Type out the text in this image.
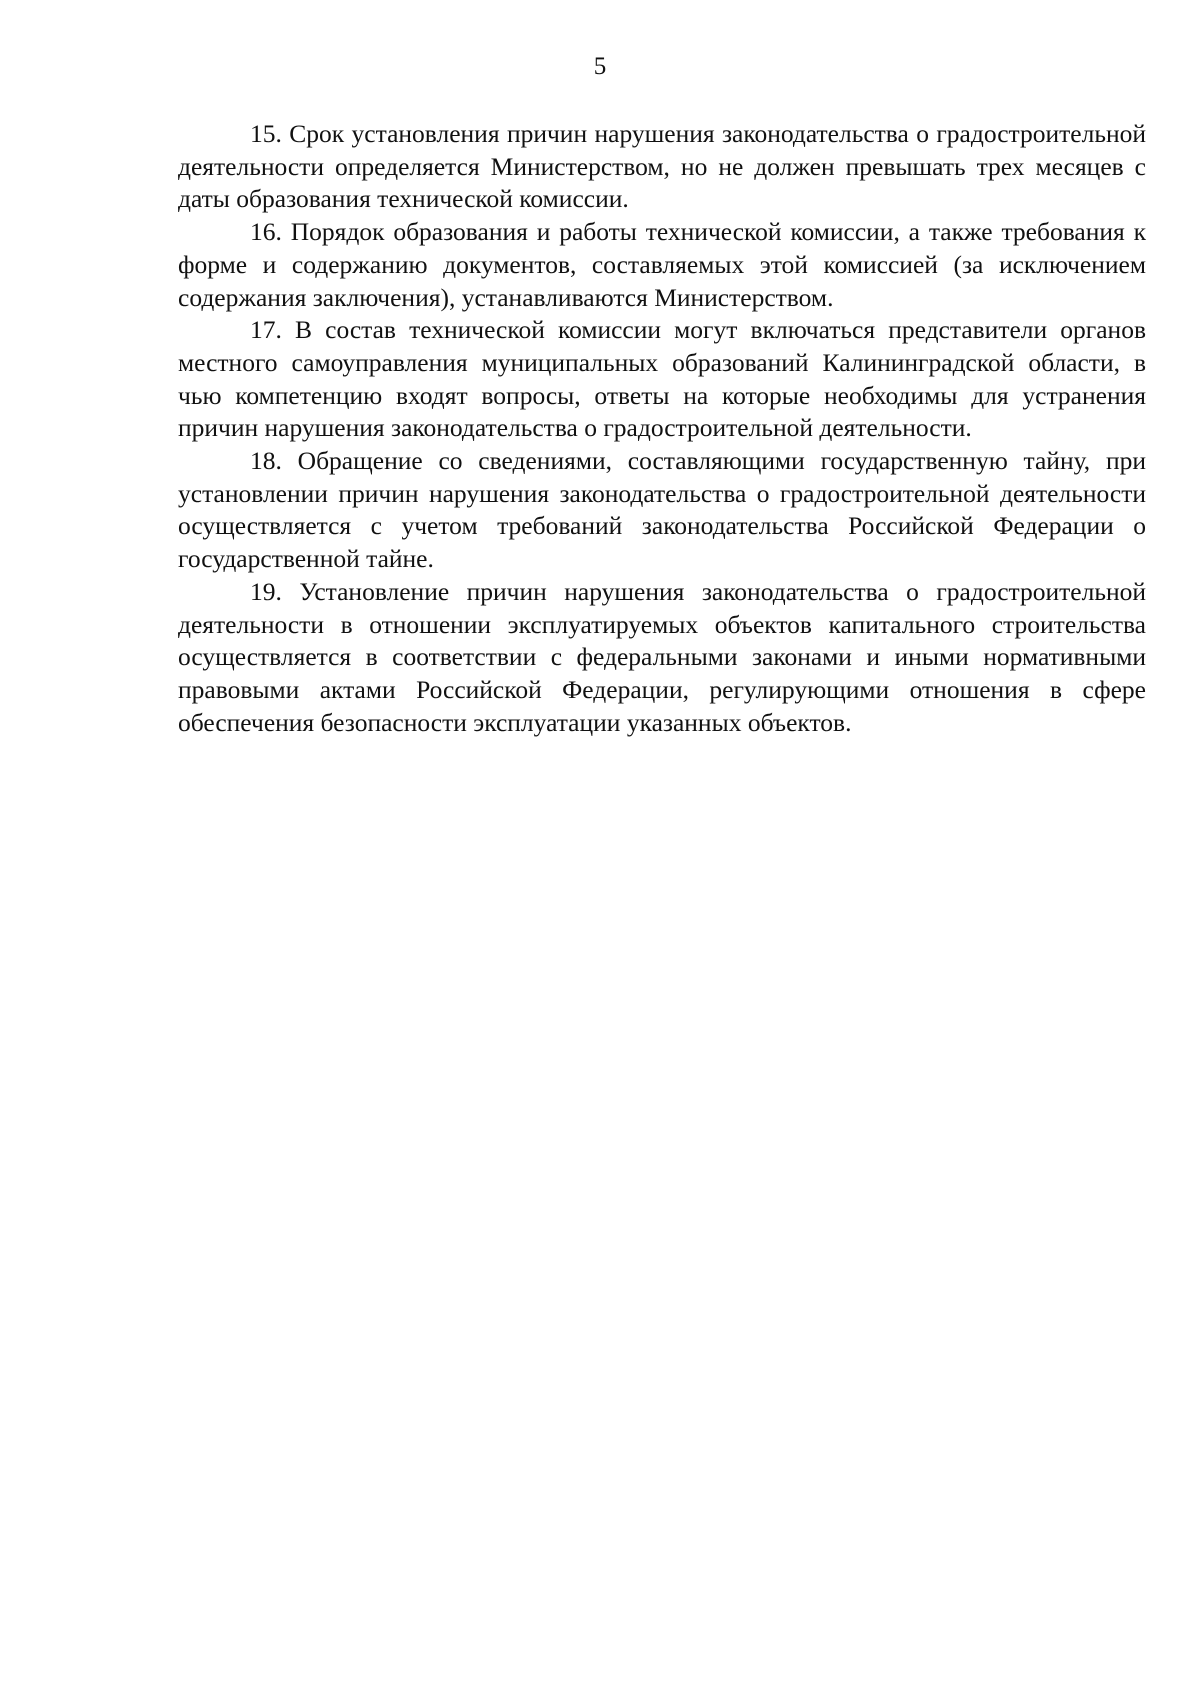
5

15. Срок установления причин нарушения законодательства о градостроительной деятельности определяется Министерством, но не должен превышать трех месяцев с даты образования технической комиссии.

16. Порядок образования и работы технической комиссии, а также требования к форме и содержанию документов, составляемых этой комиссией (за исключением содержания заключения), устанавливаются Министерством.

17. В состав технической комиссии могут включаться представители органов местного самоуправления муниципальных образований Калининградской области, в чью компетенцию входят вопросы, ответы на которые необходимы для устранения причин нарушения законодательства о градостроительной деятельности.

18. Обращение со сведениями, составляющими государственную тайну, при установлении причин нарушения законодательства о градостроительной деятельности осуществляется с учетом требований законодательства Российской Федерации о государственной тайне.

19. Установление причин нарушения законодательства о градостроительной деятельности в отношении эксплуатируемых объектов капитального строительства осуществляется в соответствии с федеральными законами и иными нормативными правовыми актами Российской Федерации, регулирующими отношения в сфере обеспечения безопасности эксплуатации указанных объектов.
